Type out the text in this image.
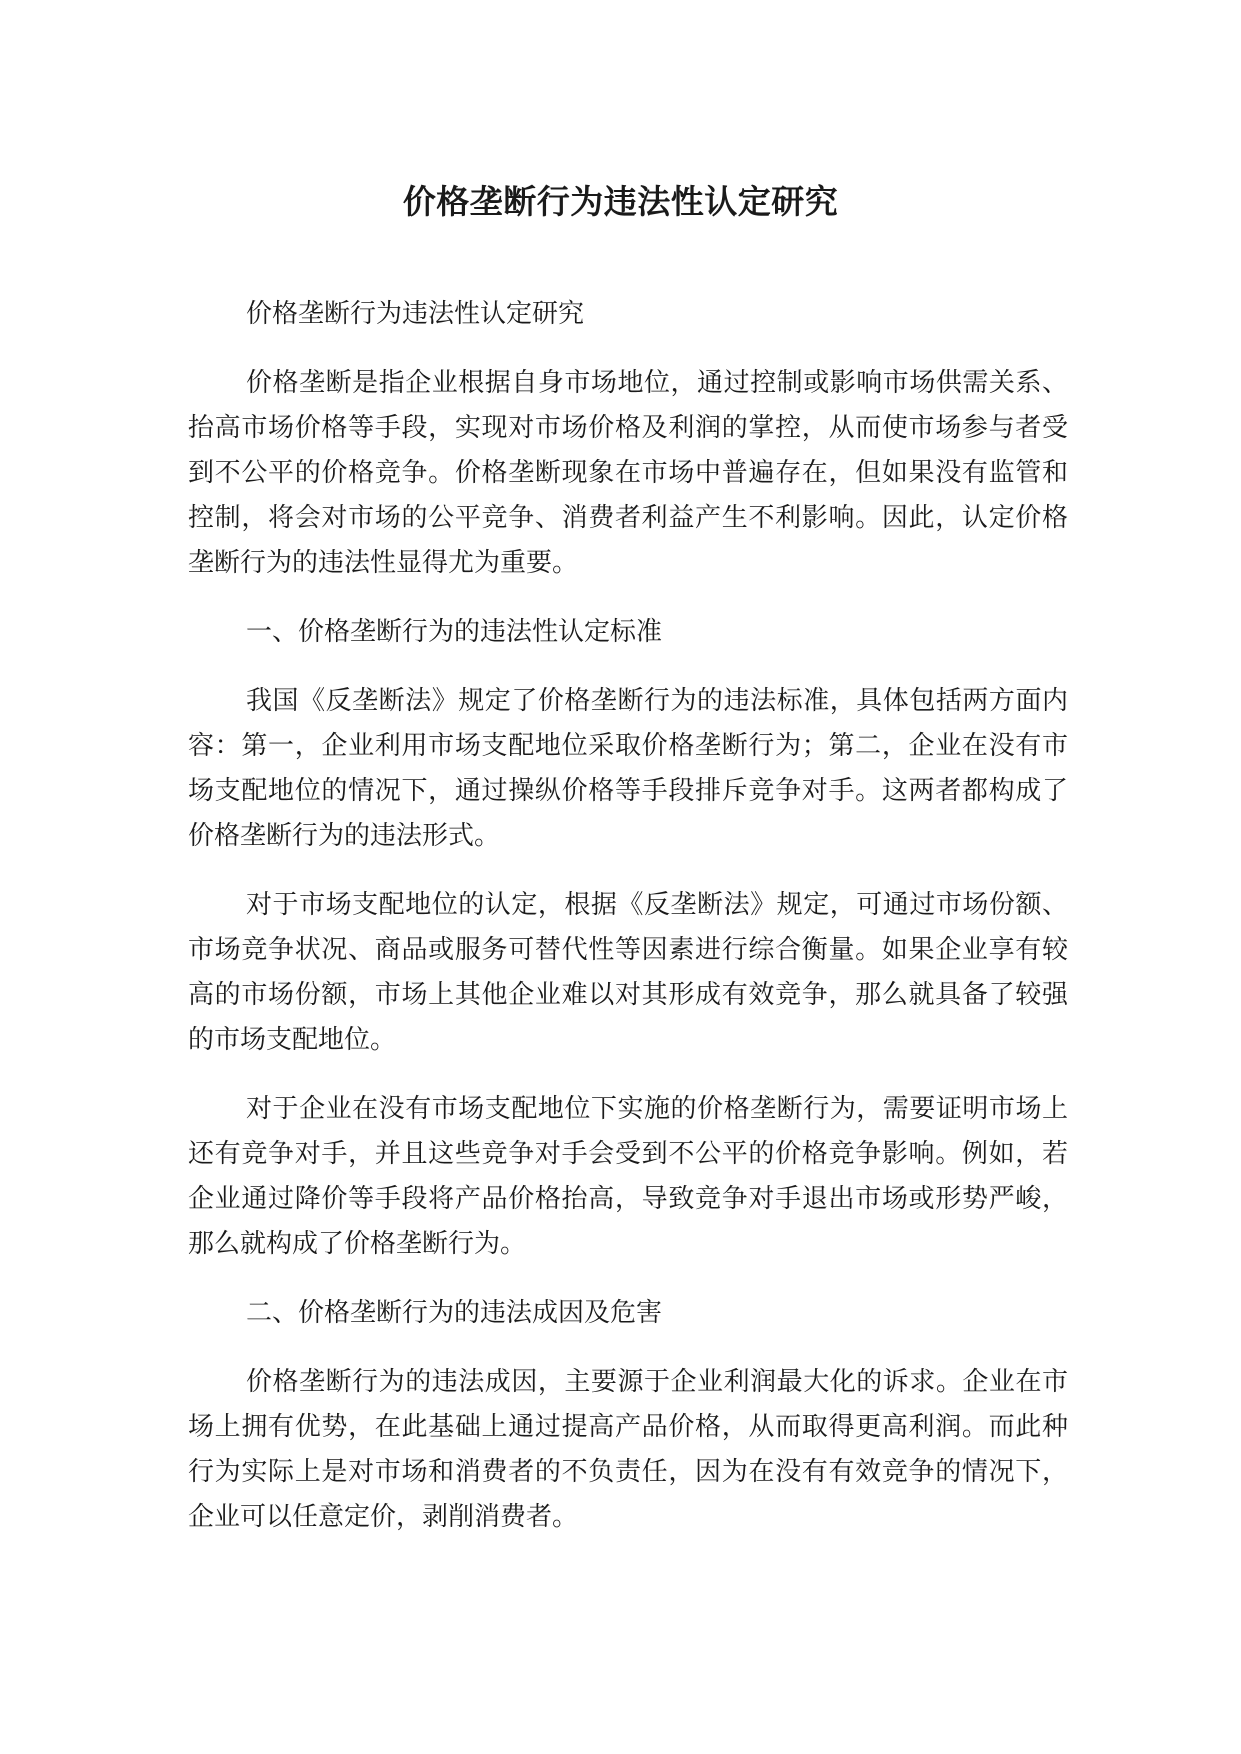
价格垄断行为违法性认定研究

价格垄断行为违法性认定研究

价格垄断是指企业根据自身市场地位，通过控制或影响市场供需关系、抬高市场价格等手段，实现对市场价格及利润的掌控，从而使市场参与者受到不公平的价格竞争。价格垄断现象在市场中普遍存在，但如果没有监管和控制，将会对市场的公平竞争、消费者利益产生不利影响。因此，认定价格垄断行为的违法性显得尤为重要。

一、价格垄断行为的违法性认定标准

我国《反垄断法》规定了价格垄断行为的违法标准，具体包括两方面内容：第一，企业利用市场支配地位采取价格垄断行为；第二，企业在没有市场支配地位的情况下，通过操纵价格等手段排斥竞争对手。这两者都构成了价格垄断行为的违法形式。

对于市场支配地位的认定，根据《反垄断法》规定，可通过市场份额、市场竞争状况、商品或服务可替代性等因素进行综合衡量。如果企业享有较高的市场份额，市场上其他企业难以对其形成有效竞争，那么就具备了较强的市场支配地位。

对于企业在没有市场支配地位下实施的价格垄断行为，需要证明市场上还有竞争对手，并且这些竞争对手会受到不公平的价格竞争影响。例如，若企业通过降价等手段将产品价格抬高，导致竞争对手退出市场或形势严峻，那么就构成了价格垄断行为。

二、价格垄断行为的违法成因及危害

价格垄断行为的违法成因，主要源于企业利润最大化的诉求。企业在市场上拥有优势，在此基础上通过提高产品价格，从而取得更高利润。而此种行为实际上是对市场和消费者的不负责任，因为在没有有效竞争的情况下，企业可以任意定价，剥削消费者。
